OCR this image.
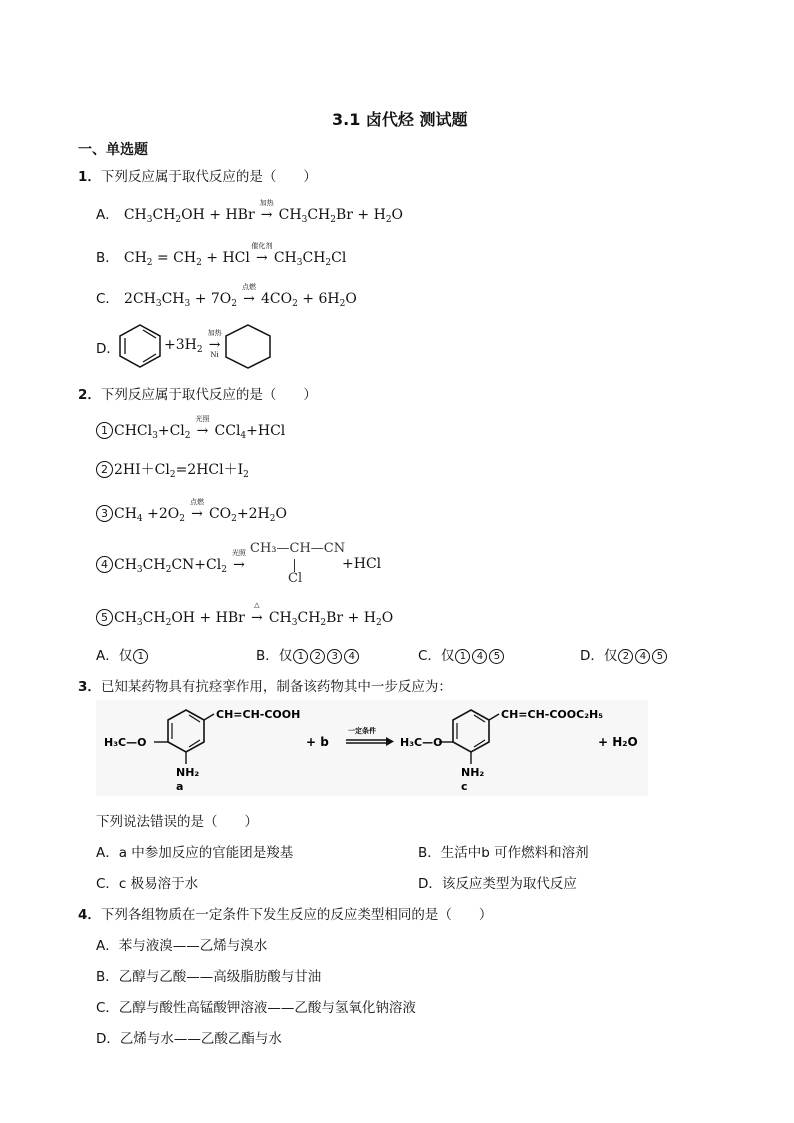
3.1 卤代烃 测试题
一、单选题
1．下列反应属于取代反应的是（　　）
A． $CH_3CH_2OH$ + HBr →
加热
$CH_3CH_2Br + H_2O$
B． $CH_2 = CH_2$ + HCl →
催化剂
$CH_3CH_2Cl$
C． $2CH_3CH_3 + 7O_2$ →
点燃
$4CO_2 + 6H_2O$
D．	$+3H_2$ →
加热
Ni
2．下列反应属于取代反应的是（　　）
1 $CHCl_3+Cl_2$ →
光照
CCl$_4$+HCl
2 $2HI+Cl_2=2HCl+I_2$
3 $CH_4 +2O_2$ →
点燃
$CO_2+2H_2O$
4 $CH_3CH_2CN+Cl_2$ →
光照 CH₃—CH—CN
Cl
+HCl
5 $CH_3CH_2OH$ + HBr →
△
$CH_3CH_2Br + H_2O$
A．仅 1	B．仅 1 2 3 4	C．仅 1 4 5	D．仅 2 4 5
3．已知某药物具有抗痉挛作用，制备该药物其中一步反应为：
H₃C—O
CH=CH-COOH
NH₂
a
+ b
一定条件
H₃C—O
CH=CH-COOC₂H₅
NH₂
c
+ H₂O
下列说法错误的是（　　）
A．a 中参加反应的官能团是羧基	B．生活中b 可作燃料和溶剂
C．c 极易溶于水	D．该反应类型为取代反应
4．下列各组物质在一定条件下发生反应的反应类型相同的是（　　）
A．苯与液溴——乙烯与溴水
B．乙醇与乙酸——高级脂肪酸与甘油
C．乙醇与酸性高锰酸钾溶液——乙酸与氢氧化钠溶液
D．乙烯与水——乙酸乙酯与水
